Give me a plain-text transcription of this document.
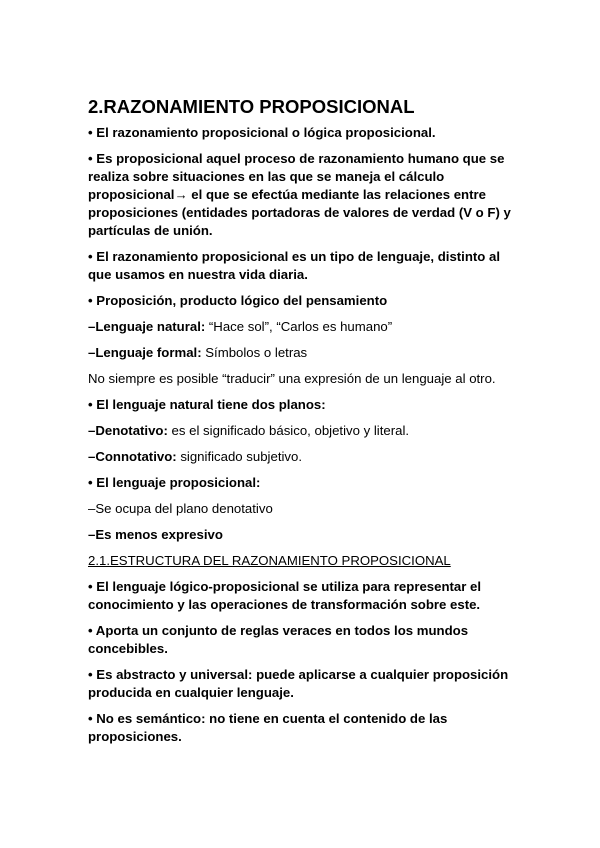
2.RAZONAMIENTO PROPOSICIONAL

• El razonamiento proposicional o lógica proposicional.

• Es proposicional aquel proceso de razonamiento humano que se realiza sobre situaciones en las que se maneja el cálculo proposicional→ el que se efectúa mediante las relaciones entre proposiciones (entidades portadoras de valores de verdad (V o F) y partículas de unión.

• El razonamiento proposicional es un tipo de lenguaje, distinto al que usamos en nuestra vida diaria.

• Proposición, producto lógico del pensamiento

–Lenguaje natural: “Hace sol”, “Carlos es humano”

–Lenguaje formal: Símbolos o letras

No siempre es posible “traducir” una expresión de un lenguaje al otro.

• El lenguaje natural tiene dos planos:

–Denotativo: es el significado básico, objetivo y literal.

–Connotativo: significado subjetivo.

• El lenguaje proposicional:

–Se ocupa del plano denotativo

–Es menos expresivo

2.1.ESTRUCTURA DEL RAZONAMIENTO PROPOSICIONAL

• El lenguaje lógico-proposicional se utiliza para representar el conocimiento y las operaciones de transformación sobre este.

• Aporta un conjunto de reglas veraces en todos los mundos concebibles.

• Es abstracto y universal: puede aplicarse a cualquier proposición producida en cualquier lenguaje.

• No es semántico: no tiene en cuenta el contenido de las proposiciones.
